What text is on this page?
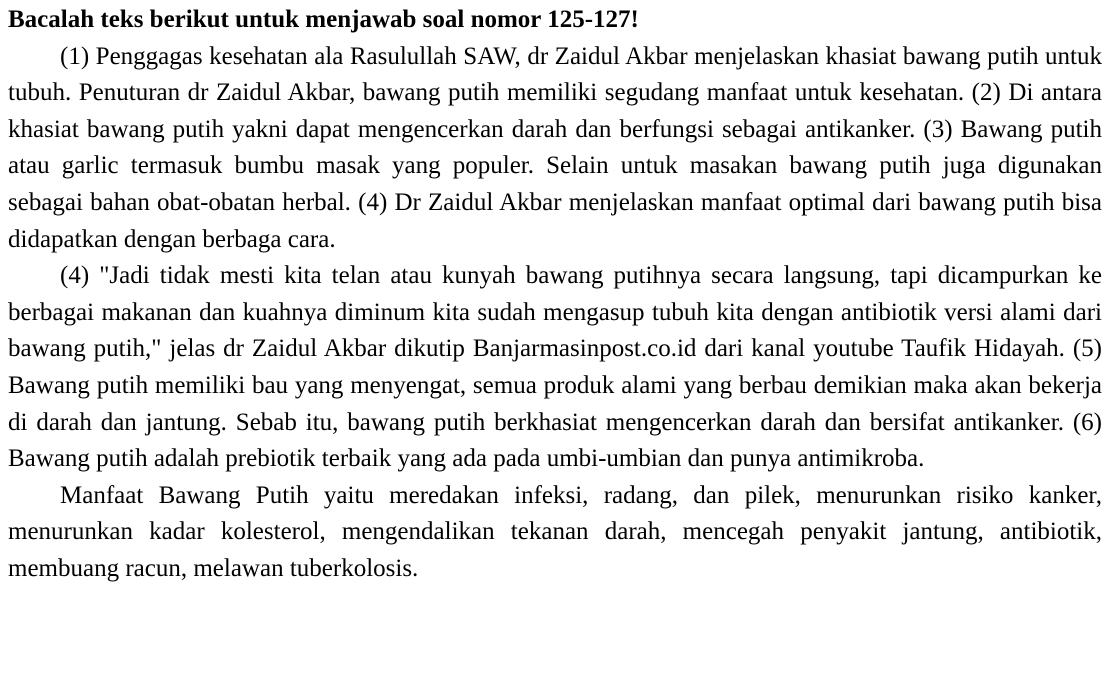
Bacalah teks berikut untuk menjawab soal nomor 125-127!

(1) Penggagas kesehatan ala Rasulullah SAW, dr Zaidul Akbar menjelaskan khasiat bawang putih untuk tubuh. Penuturan dr Zaidul Akbar, bawang putih memiliki segudang manfaat untuk kesehatan. (2) Di antara khasiat bawang putih yakni dapat mengencerkan darah dan berfungsi sebagai antikanker. (3) Bawang putih atau garlic termasuk bumbu masak yang populer. Selain untuk masakan bawang putih juga digunakan sebagai bahan obat-obatan herbal. (4) Dr Zaidul Akbar menjelaskan manfaat optimal dari bawang putih bisa didapatkan dengan berbaga cara.

(4) "Jadi tidak mesti kita telan atau kunyah bawang putihnya secara langsung, tapi dicampurkan ke berbagai makanan dan kuahnya diminum kita sudah mengasup tubuh kita dengan antibiotik versi alami dari bawang putih," jelas dr Zaidul Akbar dikutip Banjarmasinpost.co.id dari kanal youtube Taufik Hidayah. (5) Bawang putih memiliki bau yang menyengat, semua produk alami yang berbau demikian maka akan bekerja di darah dan jantung. Sebab itu, bawang putih berkhasiat mengencerkan darah dan bersifat antikanker. (6) Bawang putih adalah prebiotik terbaik yang ada pada umbi-umbian dan punya antimikroba.

Manfaat Bawang Putih yaitu meredakan infeksi, radang, dan pilek, menurunkan risiko kanker, menurunkan kadar kolesterol, mengendalikan tekanan darah, mencegah penyakit jantung, antibiotik, membuang racun, melawan tuberkolosis.
